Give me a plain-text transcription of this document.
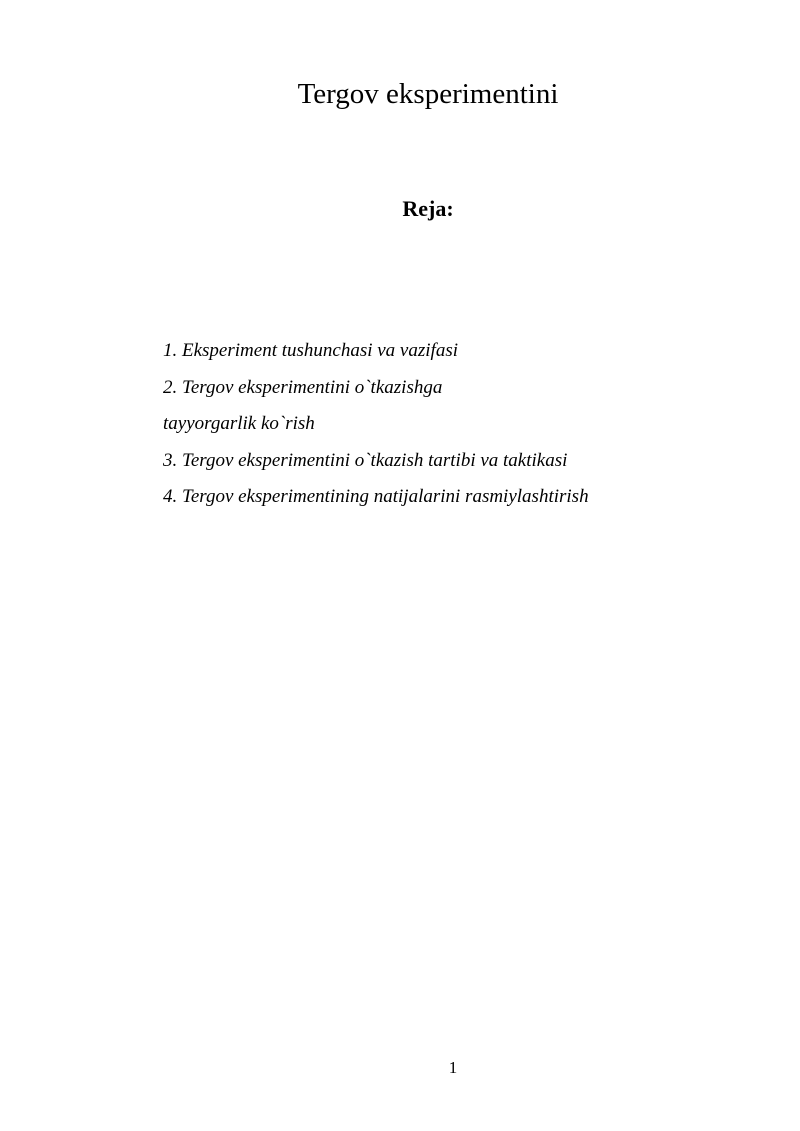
Tergov eksperimentini
Reja:
1. Eksperiment tushunchasi va vazifasi
2. Tergov eksperimentini o`tkazishga
tayyorgarlik ko`rish
3. Tergov eksperimentini o`tkazish tartibi va taktikasi
4. Tergov eksperimentining natijalarini rasmiylashtirish
1
